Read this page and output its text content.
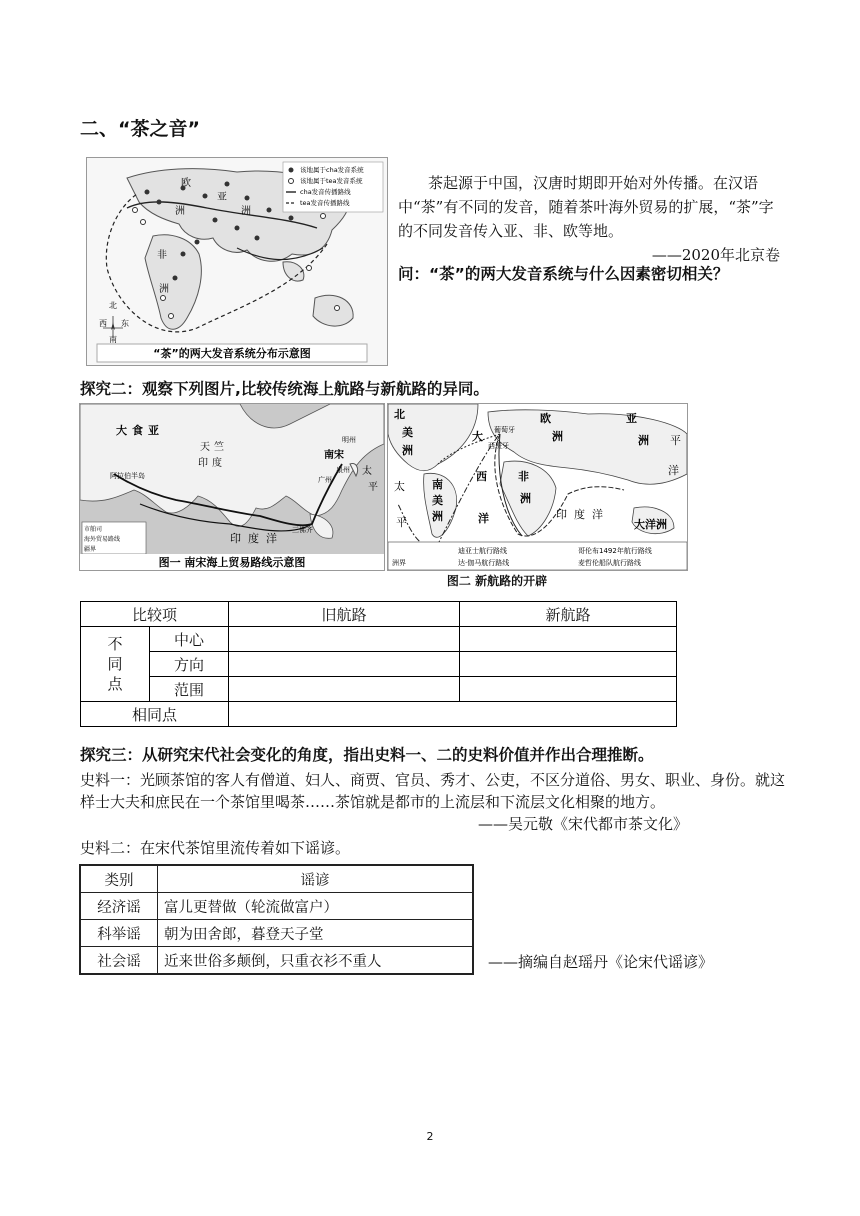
二、“茶之音”
该地属于cha发音系统
该地属于tea发音系统
cha发音传播路线
tea发音传播路线
亚
洲
欧
洲
非
洲
北
西
南
东
“茶”的两大发音系统分布示意图

茶起源于中国，汉唐时期即开始对外传播。在汉语中“茶”有不同的发音，随着茶叶海外贸易的扩展，“茶”字的不同发音传入亚、非、欧等地。

——2020年北京卷
问：“茶”的两大发音系统与什么因素密切相关？
探究二：观察下列图片,比较传统海上航路与新航路的异同。
大 食 亚
天 竺
印 度
南宋
太
平
印 度 洋
阿拉伯半岛
三佛齐
广州
泉州
明州
市舶司
海外贸易路线
疆界
图一 南宋海上贸易路线示意图
北
美
洲
大
西
洋
欧
洲
亚
洲
非
洲
南
美
洲
太
平
洋
印 度 洋
大洋洲
平
葡萄牙
西班牙
迪亚士航行路线	哥伦布1492年航行路线
达·伽马航行路线	麦哲伦船队航行路线
洲界
图二 新航路的开辟
比较项		旧航路	新航路
不同点	中心		
	方向		
	范围		
相同点			
探究三：从研究宋代社会变化的角度，指出史料一、二的史料价值并作出合理推断。
史料一：光顾茶馆的客人有僧道、妇人、商贾、官员、秀才、公吏，不区分道俗、男女、职业、身份。就这样士大夫和庶民在一个茶馆里喝茶……茶馆就是都市的上流层和下流层文化相聚的地方。
——吴元敬《宋代都市茶文化》
史料二：在宋代茶馆里流传着如下谣谚。
类别	谣谚
经济谣	富儿更替做（轮流做富户）
科举谣	朝为田舍郎，暮登天子堂
社会谣	近来世俗多颠倒，只重衣衫不重人	——摘编自赵瑶丹《论宋代谣谚》
2
